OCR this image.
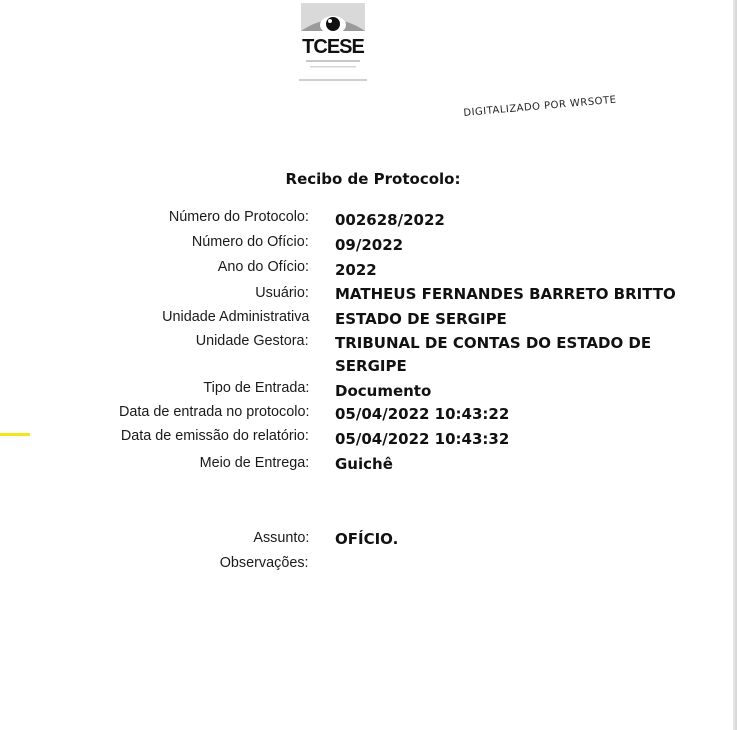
TCESE
DIGITALIZADO POR WRSOTE
Recibo de Protocolo:
Número do Protocolo:
Número do Ofício:
Ano do Ofício:
Usuário:
Unidade Administrativa
Unidade Gestora:
Tipo de Entrada:
Data de entrada no protocolo:
Data de emissão do relatório:
Meio de Entrega:
Assunto:
Observações:
002628/2022
09/2022
2022
MATHEUS FERNANDES BARRETO BRITTO
ESTADO DE SERGIPE
TRIBUNAL DE CONTAS DO ESTADO DE
SERGIPE
Documento
05/04/2022 10:43:22
05/04/2022 10:43:32
Guichê
OFÍCIO.
